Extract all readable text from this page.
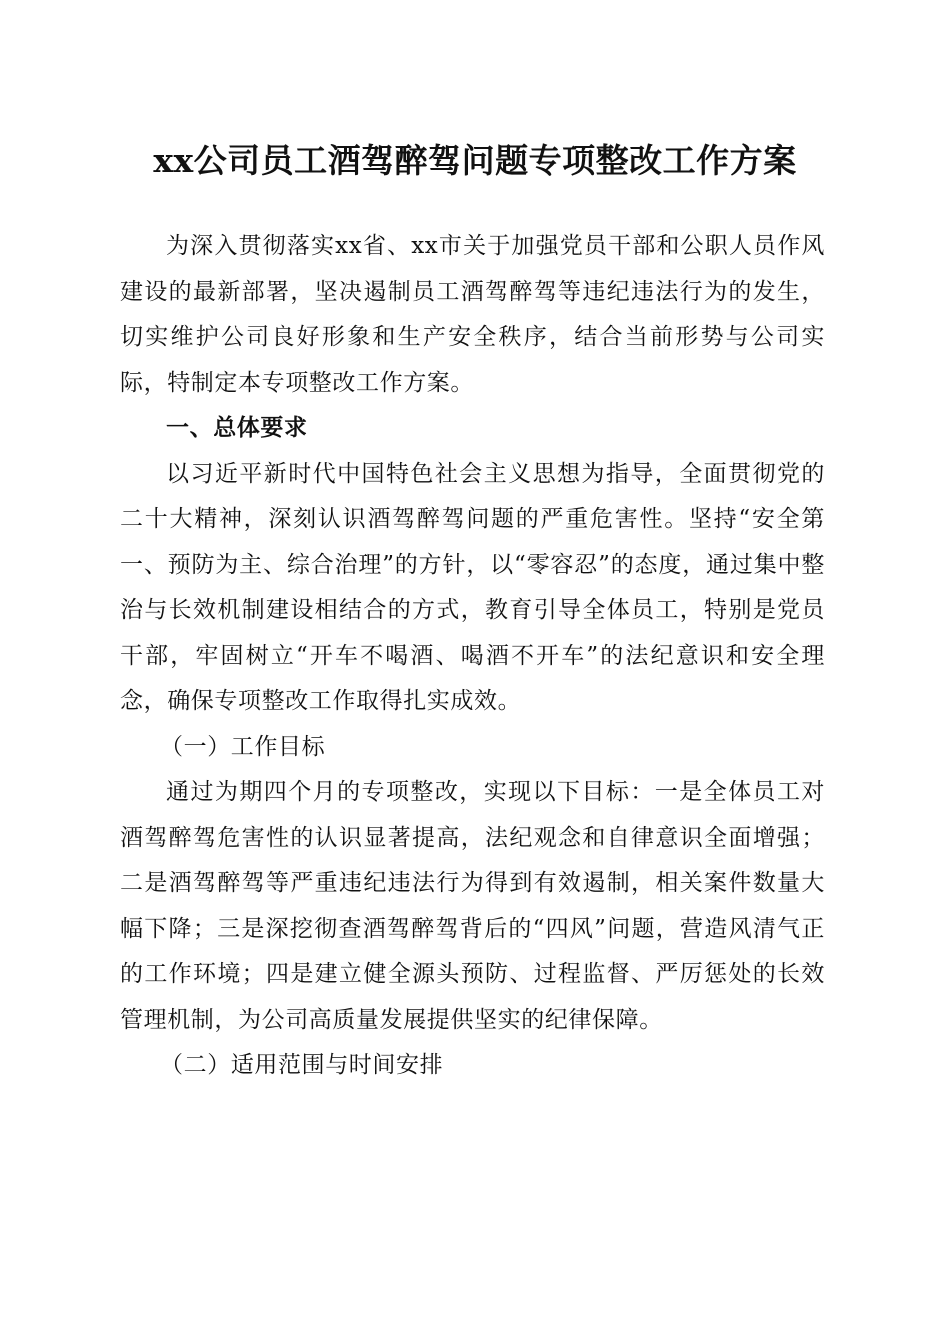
xx公司员工酒驾醉驾问题专项整改工作方案

为深入贯彻落实xx省、xx市关于加强党员干部和公职人员作风建设的最新部署，坚决遏制员工酒驾醉驾等违纪违法行为的发生，切实维护公司良好形象和生产安全秩序，结合当前形势与公司实际，特制定本专项整改工作方案。

一、总体要求

以习近平新时代中国特色社会主义思想为指导，全面贯彻党的二十大精神，深刻认识酒驾醉驾问题的严重危害性。坚持“安全第一、预防为主、综合治理”的方针，以“零容忍”的态度，通过集中整治与长效机制建设相结合的方式，教育引导全体员工，特别是党员干部，牢固树立“开车不喝酒、喝酒不开车”的法纪意识和安全理念，确保专项整改工作取得扎实成效。

（一）工作目标

通过为期四个月的专项整改，实现以下目标：一是全体员工对酒驾醉驾危害性的认识显著提高，法纪观念和自律意识全面增强；二是酒驾醉驾等严重违纪违法行为得到有效遏制，相关案件数量大幅下降；三是深挖彻查酒驾醉驾背后的“四风”问题，营造风清气正的工作环境；四是建立健全源头预防、过程监督、严厉惩处的长效管理机制，为公司高质量发展提供坚实的纪律保障。

（二）适用范围与时间安排
